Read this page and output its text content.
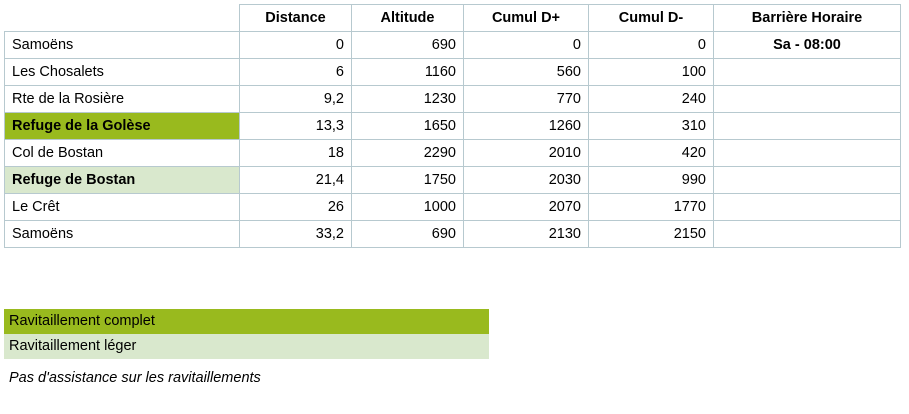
	Distance	Altitude	Cumul D+	Cumul D-	Barrière Horaire
Samoëns	0	690	0	0	Sa - 08:00
Les Chosalets	6	1160	560	100	
Rte de la Rosière	9,2	1230	770	240	
Refuge de la Golèse	13,3	1650	1260	310	
Col de Bostan	18	2290	2010	420	
Refuge de Bostan	21,4	1750	2030	990	
Le Crêt	26	1000	2070	1770	
Samoëns	33,2	690	2130	2150	
Ravitaillement complet
Ravitaillement léger
Pas d'assistance sur les ravitaillements
